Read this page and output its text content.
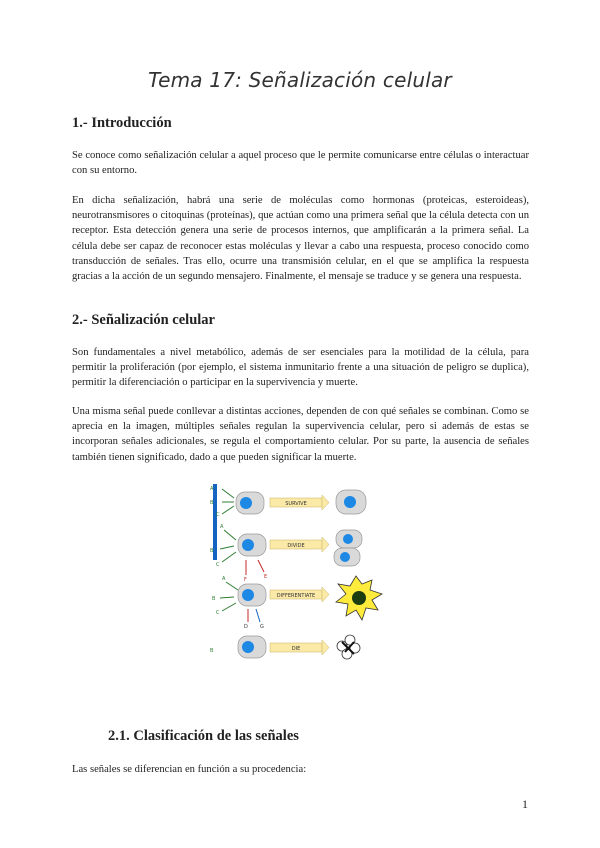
Tema 17: Señalización celular
1.- Introducción
Se conoce como señalización celular a aquel proceso que le permite comunicarse entre células o interactuar con su entorno.
En dicha señalización, habrá una serie de moléculas como hormonas (proteicas, esteroideas), neurotransmisores o citoquinas (proteínas), que actúan como una primera señal que la célula detecta con un receptor. Esta detección genera una serie de procesos internos, que amplificarán a la primera señal. La célula debe ser capaz de reconocer estas moléculas y llevar a cabo una respuesta, proceso conocido como transducción de señales. Tras ello, ocurre una transmisión celular, en el que se amplifica la respuesta gracias a la acción de un segundo mensajero. Finalmente, el mensaje se traduce y se genera una respuesta.
2.- Señalización celular
Son fundamentales a nivel metabólico, además de ser esenciales para la motilidad de la célula, para permitir la proliferación (por ejemplo, el sistema inmunitario frente a una situación de peligro se duplica), permitir la diferenciación o participar en la supervivencia y muerte.
Una misma señal puede conllevar a distintas acciones, dependen de con qué señales se combinan. Como se aprecia en la imagen, múltiples señales regulan la supervivencia celular, pero si además de estas se incorporan señales adicionales, se regula el comportamiento celular. Por su parte, la ausencia de señales también tienen significado, dado a que pueden significar la muerte.
A
B
C
SURVIVE
A
B
C
F	E
DIVIDE
A
B
C
D G
DIFFERENTIATE
B	DIE
2.1. Clasificación de las señales
Las señales se diferencian en función a su procedencia:
1
